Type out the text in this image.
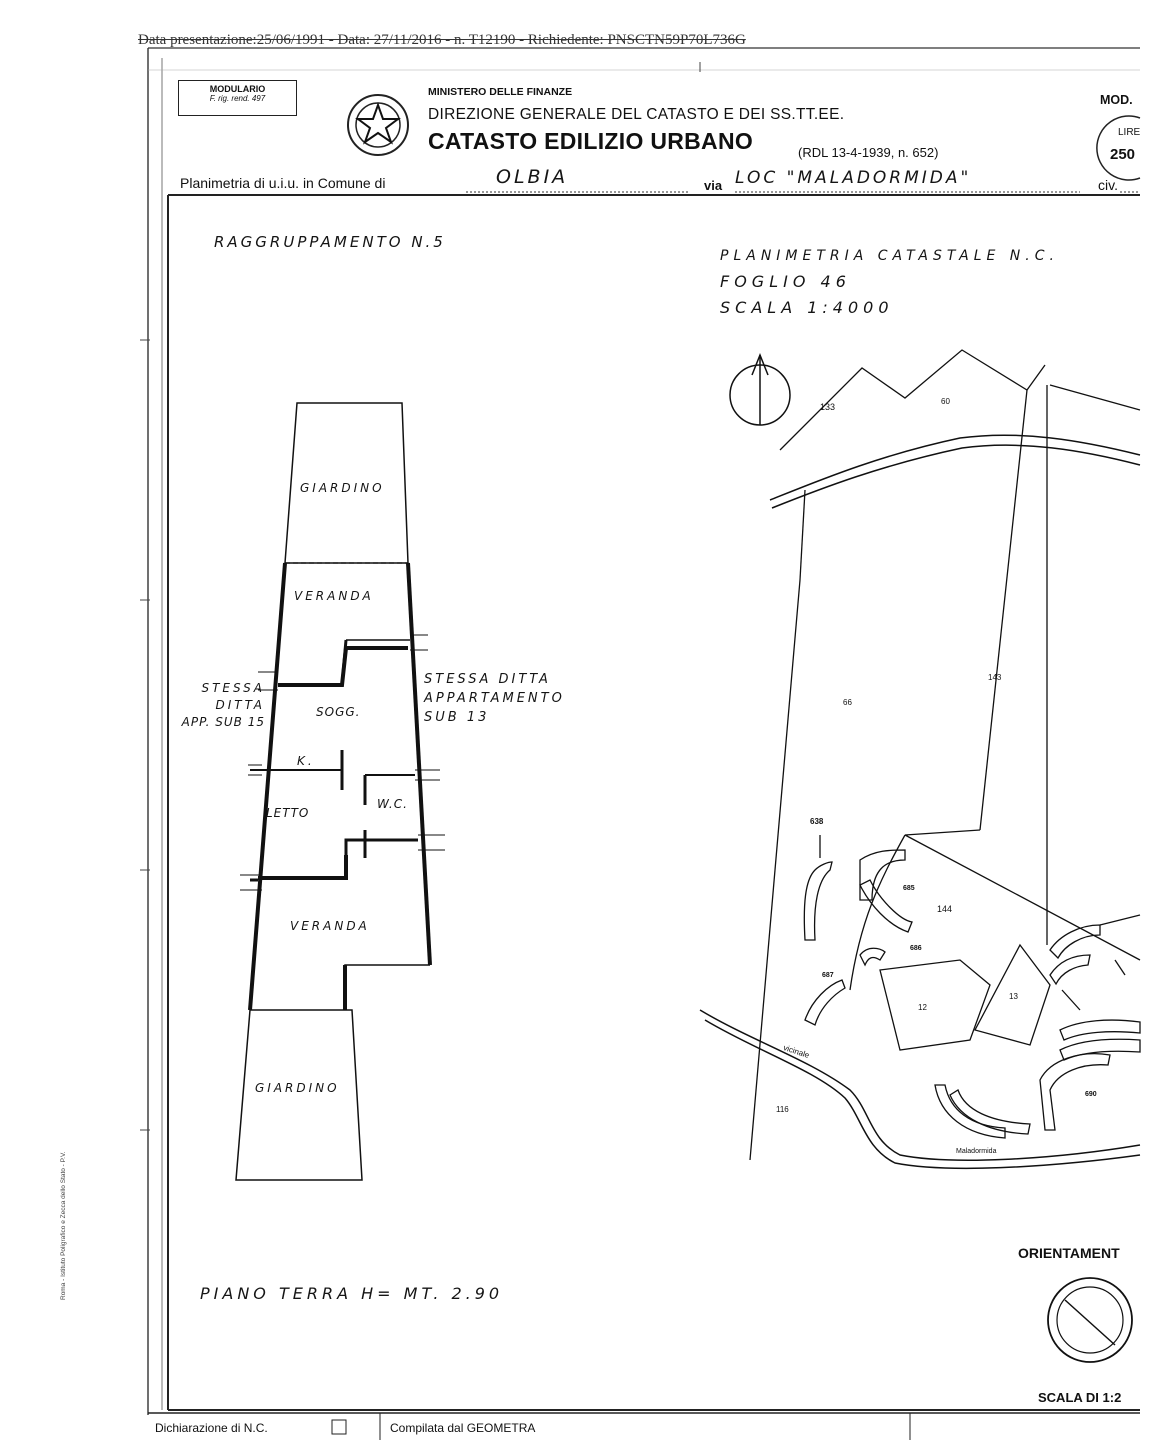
Data presentazione:25/06/1991 - Data: 27/11/2016 - n. T12190 - Richiedente: PNSCTN59P70L736G
MODULARIO
F. rig. rend. 497
MINISTERO DELLE FINANZE
DIREZIONE GENERALE DEL CATASTO E DEI SS.TT.EE.
CATASTO EDILIZIO URBANO	(RDL 13-4-1939, n. 652)
MOD.
LIRE
250
Planimetria di u.i.u. in Comune di	OLBIA	via LOC "MALADORMIDA"	civ.
RAGGRUPPAMENTO N.5
PLANIMETRIA CATASTALE N.C.
FOGLIO 46
SCALA 1:4000
GIARDINO
VERANDA
SOGG.
K.
LETTO
W.C.
VERANDA
GIARDINO
STESSA
DITTA
APP. SUB 15
STESSA DITTA
APPARTAMENTO
SUB 13
PIANO TERRA H= MT. 2.90
133
60
143
66
144
12
13
116
638
685
686
687
690
vicinale
Maladormida
ORIENTAMENT
SCALA DI 1:2
Dichiarazione di N.C.	Compilata dal GEOMETRA
Roma - Istituto Poligrafico e Zecca dello Stato - P.V.
